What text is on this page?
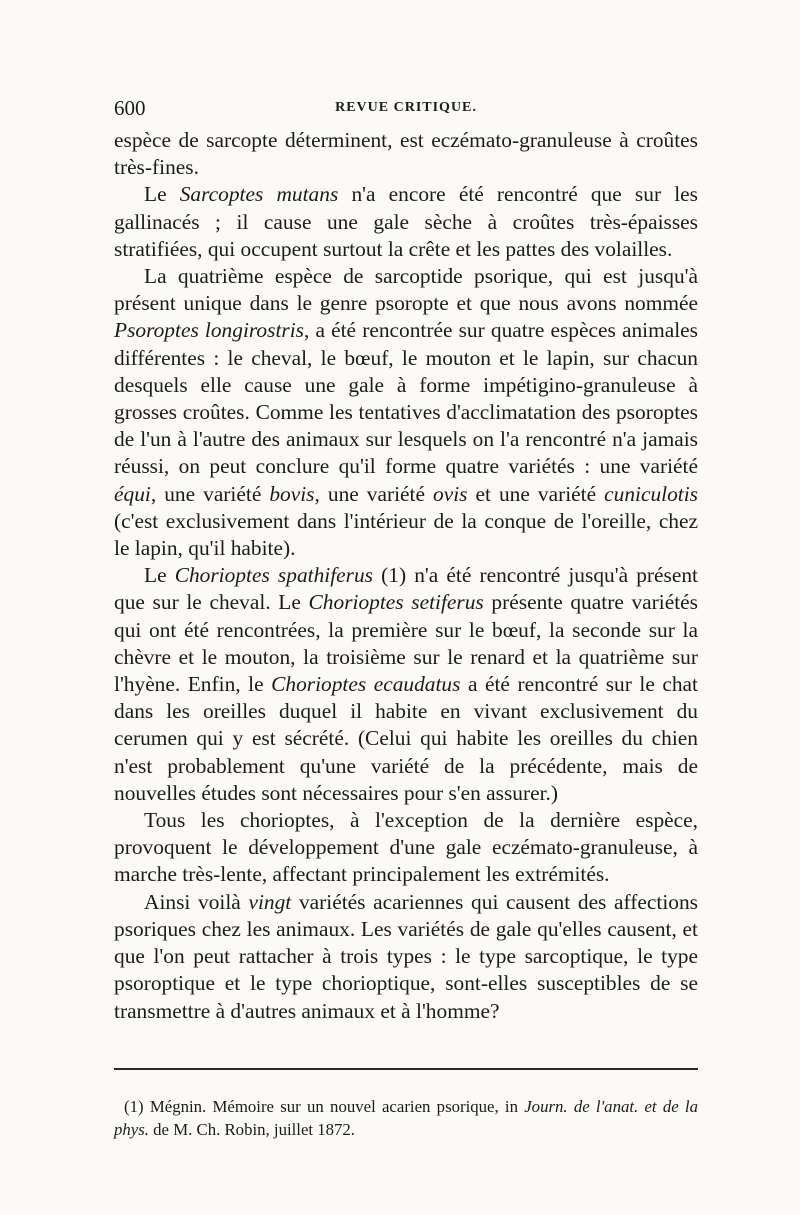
600	REVUE CRITIQUE.

espèce de sarcopte déterminent, est eczémato-granuleuse à croûtes très-fines.

Le Sarcoptes mutans n'a encore été rencontré que sur les gallinacés ; il cause une gale sèche à croûtes très-épaisses stratifiées, qui occupent surtout la crête et les pattes des volailles.

La quatrième espèce de sarcoptide psorique, qui est jusqu'à présent unique dans le genre psoropte et que nous avons nommée Psoroptes longirostris, a été rencontrée sur quatre espèces animales différentes : le cheval, le bœuf, le mouton et le lapin, sur chacun desquels elle cause une gale à forme impétigino-granuleuse à grosses croûtes. Comme les tentatives d'acclimatation des psoroptes de l'un à l'autre des animaux sur lesquels on l'a rencontré n'a jamais réussi, on peut conclure qu'il forme quatre variétés : une variété équi, une variété bovis, une variété ovis et une variété cuniculotis (c'est exclusivement dans l'intérieur de la conque de l'oreille, chez le lapin, qu'il habite).

Le Chorioptes spathiferus (1) n'a été rencontré jusqu'à présent que sur le cheval. Le Chorioptes setiferus présente quatre variétés qui ont été rencontrées, la première sur le bœuf, la seconde sur la chèvre et le mouton, la troisième sur le renard et la quatrième sur l'hyène. Enfin, le Chorioptes ecaudatus a été rencontré sur le chat dans les oreilles duquel il habite en vivant exclusivement du cerumen qui y est sécrété. (Celui qui habite les oreilles du chien n'est probablement qu'une variété de la précédente, mais de nouvelles études sont nécessaires pour s'en assurer.)

Tous les chorioptes, à l'exception de la dernière espèce, provoquent le développement d'une gale eczémato-granuleuse, à marche très-lente, affectant principalement les extrémités.

Ainsi voilà vingt variétés acariennes qui causent des affections psoriques chez les animaux. Les variétés de gale qu'elles causent, et que l'on peut rattacher à trois types : le type sarcoptique, le type psoroptique et le type chorioptique, sont-elles susceptibles de se transmettre à d'autres animaux et à l'homme?

(1) Mégnin. Mémoire sur un nouvel acarien psorique, in Journ. de l'anat. et de la phys. de M. Ch. Robin, juillet 1872.
